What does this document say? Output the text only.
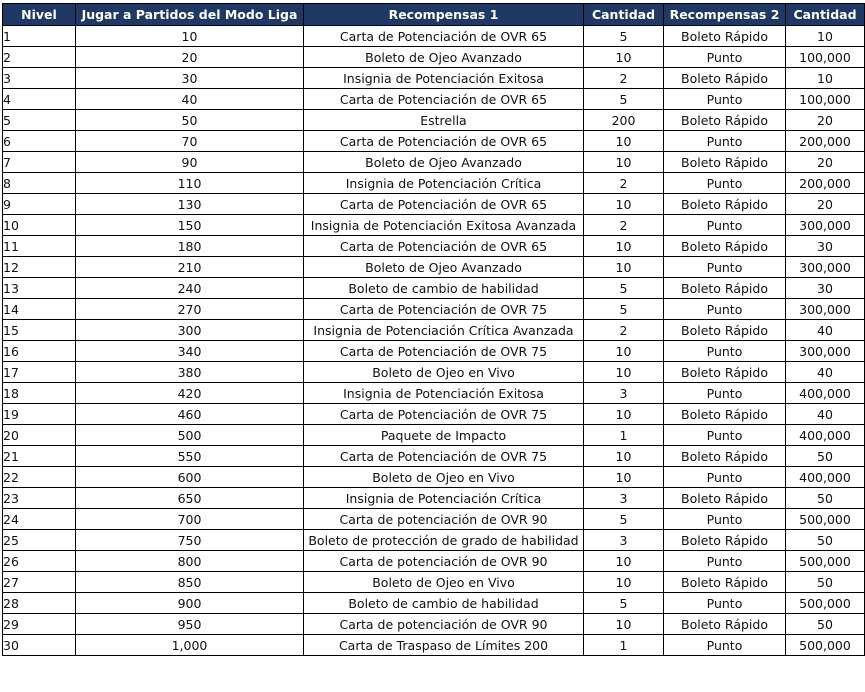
Nivel	Jugar a Partidos del Modo Liga	Recompensas 1	Cantidad	Recompensas 2	Cantidad
1	10	Carta de Potenciación de OVR 65	5	Boleto Rápido	10
2	20	Boleto de Ojeo Avanzado	10	Punto	100,000
3	30	Insignia de Potenciación Exitosa	2	Boleto Rápido	10
4	40	Carta de Potenciación de OVR 65	5	Punto	100,000
5	50	Estrella	200	Boleto Rápido	20
6	70	Carta de Potenciación de OVR 65	10	Punto	200,000
7	90	Boleto de Ojeo Avanzado	10	Boleto Rápido	20
8	110	Insignia de Potenciación Crítica	2	Punto	200,000
9	130	Carta de Potenciación de OVR 65	10	Boleto Rápido	20
10	150	Insignia de Potenciación Exitosa Avanzada	2	Punto	300,000
11	180	Carta de Potenciación de OVR 65	10	Boleto Rápido	30
12	210	Boleto de Ojeo Avanzado	10	Punto	300,000
13	240	Boleto de cambio de habilidad	5	Boleto Rápido	30
14	270	Carta de Potenciación de OVR 75	5	Punto	300,000
15	300	Insignia de Potenciación Crítica Avanzada	2	Boleto Rápido	40
16	340	Carta de Potenciación de OVR 75	10	Punto	300,000
17	380	Boleto de Ojeo en Vivo	10	Boleto Rápido	40
18	420	Insignia de Potenciación Exitosa	3	Punto	400,000
19	460	Carta de Potenciación de OVR 75	10	Boleto Rápido	40
20	500	Paquete de Impacto	1	Punto	400,000
21	550	Carta de Potenciación de OVR 75	10	Boleto Rápido	50
22	600	Boleto de Ojeo en Vivo	10	Punto	400,000
23	650	Insignia de Potenciación Crítica	3	Boleto Rápido	50
24	700	Carta de potenciación de OVR 90	5	Punto	500,000
25	750	Boleto de protección de grado de habilidad	3	Boleto Rápido	50
26	800	Carta de potenciación de OVR 90	10	Punto	500,000
27	850	Boleto de Ojeo en Vivo	10	Boleto Rápido	50
28	900	Boleto de cambio de habilidad	5	Punto	500,000
29	950	Carta de potenciación de OVR 90	10	Boleto Rápido	50
30	1,000	Carta de Traspaso de Límites 200	1	Punto	500,000
